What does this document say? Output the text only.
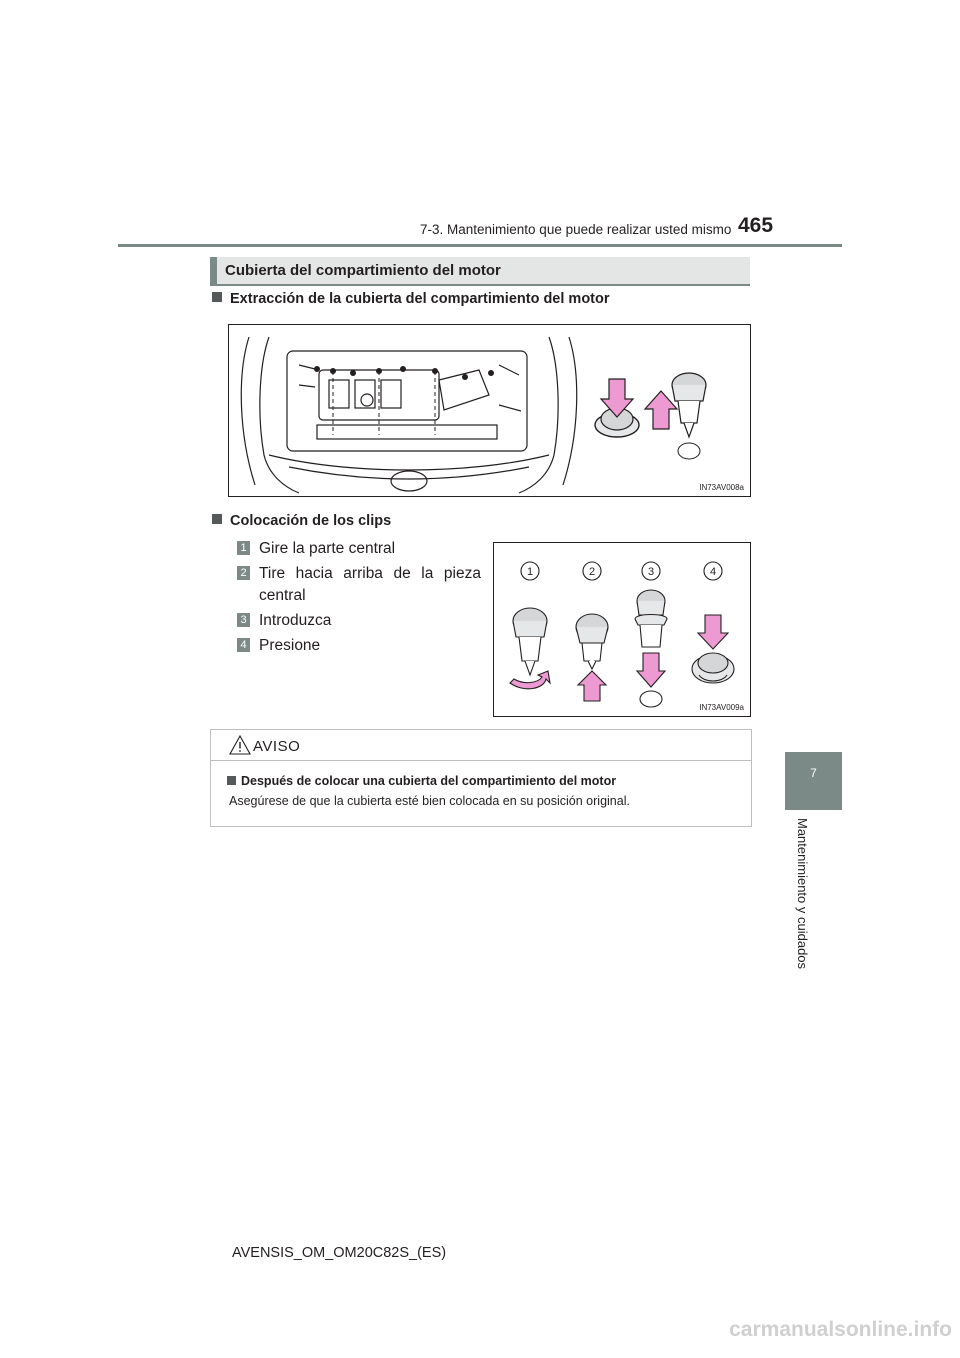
7-3. Mantenimiento que puede realizar usted mismo 465
7
Mantenimiento y cuidados
Cubierta del compartimiento del motor
Extracción de la cubierta del compartimiento del motor
IN73AV008a
Colocación de los clips
1 Gire la parte central
2 Tire hacia arriba de la pieza central
3 Introduzca
4 Presione
1	2	3	4
IN73AV009a
AVISO
Después de colocar una cubierta del compartimiento del motor
Asegúrese de que la cubierta esté bien colocada en su posición original.
AVENSIS_OM_OM20C82S_(ES)
carmanualsonline.info
